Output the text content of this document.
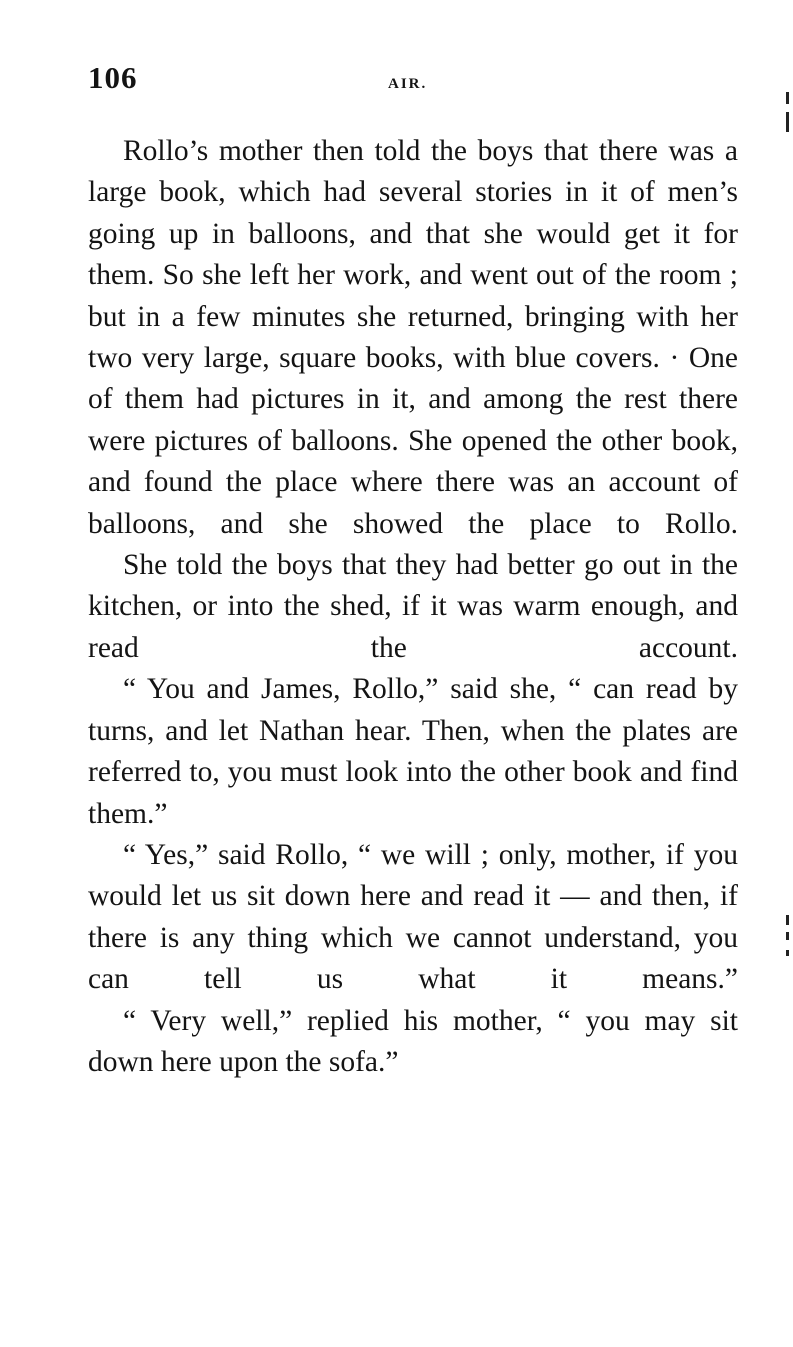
106	AIR.

Rollo’s mother then told the boys that there was a large book, which had several stories in it of men’s going up in balloons, and that she would get it for them. So she left her work, and went out of the room ; but in a few minutes she returned, bringing with her two very large, square books, with blue covers. · One of them had pictures in it, and among the rest there were pictures of balloons. She opened the other book, and found the place where there was an account of balloons, and she showed the place to Rollo.

She told the boys that they had better go out in the kitchen, or into the shed, if it was warm enough, and read the account.

“ You and James, Rollo,” said she, “ can read by turns, and let Nathan hear. Then, when the plates are referred to, you must look into the other book and find them.”

“ Yes,” said Rollo, “ we will ; only, mother, if you would let us sit down here and read it — and then, if there is any thing which we cannot understand, you can tell us what it means.”

“ Very well,” replied his mother, “ you may sit down here upon the sofa.”
